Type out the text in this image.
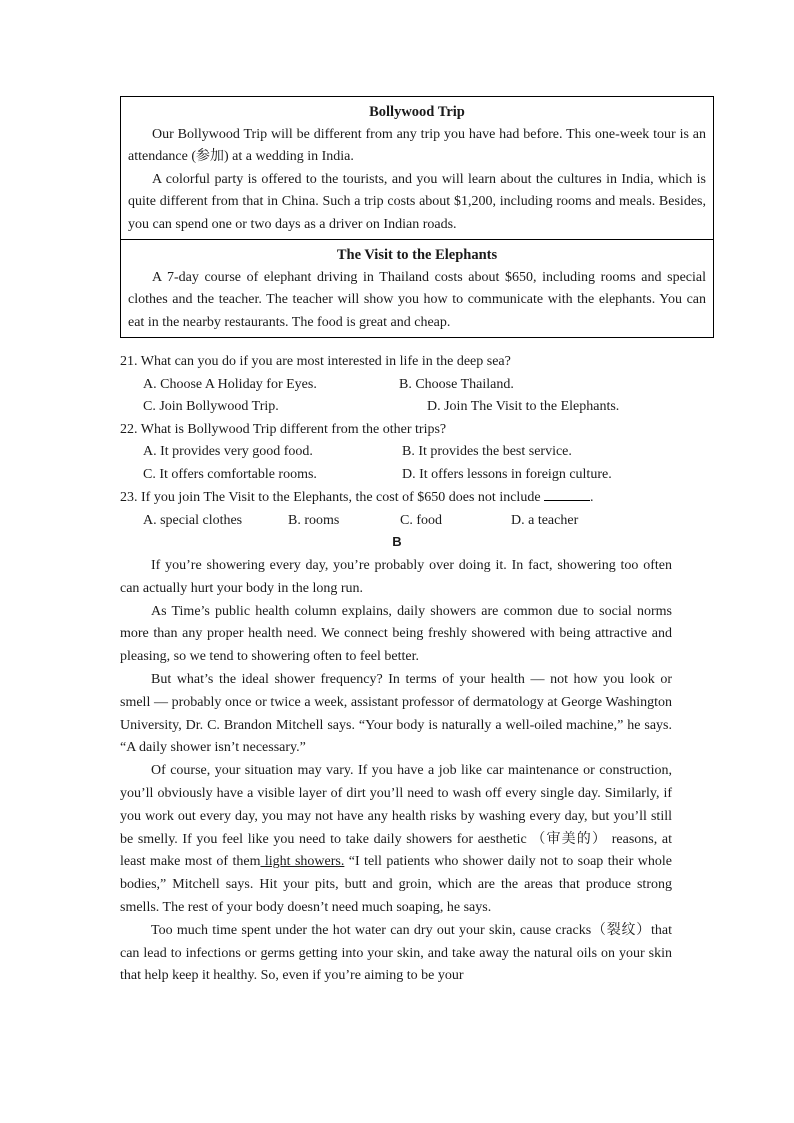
Bollywood Trip

Our Bollywood Trip will be different from any trip you have had before. This one-week tour is an attendance (参加) at a wedding in India.

A colorful party is offered to the tourists, and you will learn about the cultures in India, which is quite different from that in China. Such a trip costs about $1,200, including rooms and meals. Besides, you can spend one or two days as a driver on Indian roads.

The Visit to the Elephants

A 7-day course of elephant driving in Thailand costs about $650, including rooms and special clothes and the teacher. The teacher will show you how to communicate with the elephants. You can eat in the nearby restaurants. The food is great and cheap.

21. What can you do if you are most interested in life in the deep sea?
A. Choose A Holiday for Eyes.	B. Choose Thailand.
C. Join Bollywood Trip.	D. Join The Visit to the Elephants.
22. What is Bollywood Trip different from the other trips?
A. It provides very good food.	B. It provides the best service.
C. It offers comfortable rooms.	D. It offers lessons in foreign culture.
23. If you join The Visit to the Elephants, the cost of $650 does not include	.
A. special clothes	B. rooms	C. food	D. a teacher
B

If you’re showering every day, you’re probably over doing it. In fact, showering too often can actually hurt your body in the long run.

As Time’s public health column explains, daily showers are common due to social norms more than any proper health need. We connect being freshly showered with being attractive and pleasing, so we tend to showering often to feel better.

But what’s the ideal shower frequency? In terms of your health — not how you look or smell — probably once or twice a week, assistant professor of dermatology at George Washington University, Dr. C. Brandon Mitchell says. “Your body is naturally a well-oiled machine,” he says. “A daily shower isn’t necessary.”

Of course, your situation may vary. If you have a job like car maintenance or construction, you’ll obviously have a visible layer of dirt you’ll need to wash off every single day. Similarly, if you work out every day, you may not have any health risks by washing every day, but you’ll still be smelly. If you feel like you need to take daily showers for aesthetic （审美的） reasons, at least make most of them light showers. “I tell patients who shower daily not to soap their whole bodies,” Mitchell says. Hit your pits, butt and groin, which are the areas that produce strong smells. The rest of your body doesn’t need much soaping, he says.

Too much time spent under the hot water can dry out your skin, cause cracks（裂纹）that can lead to infections or germs getting into your skin, and take away the natural oils on your skin that help keep it healthy. So, even if you’re aiming to be your
